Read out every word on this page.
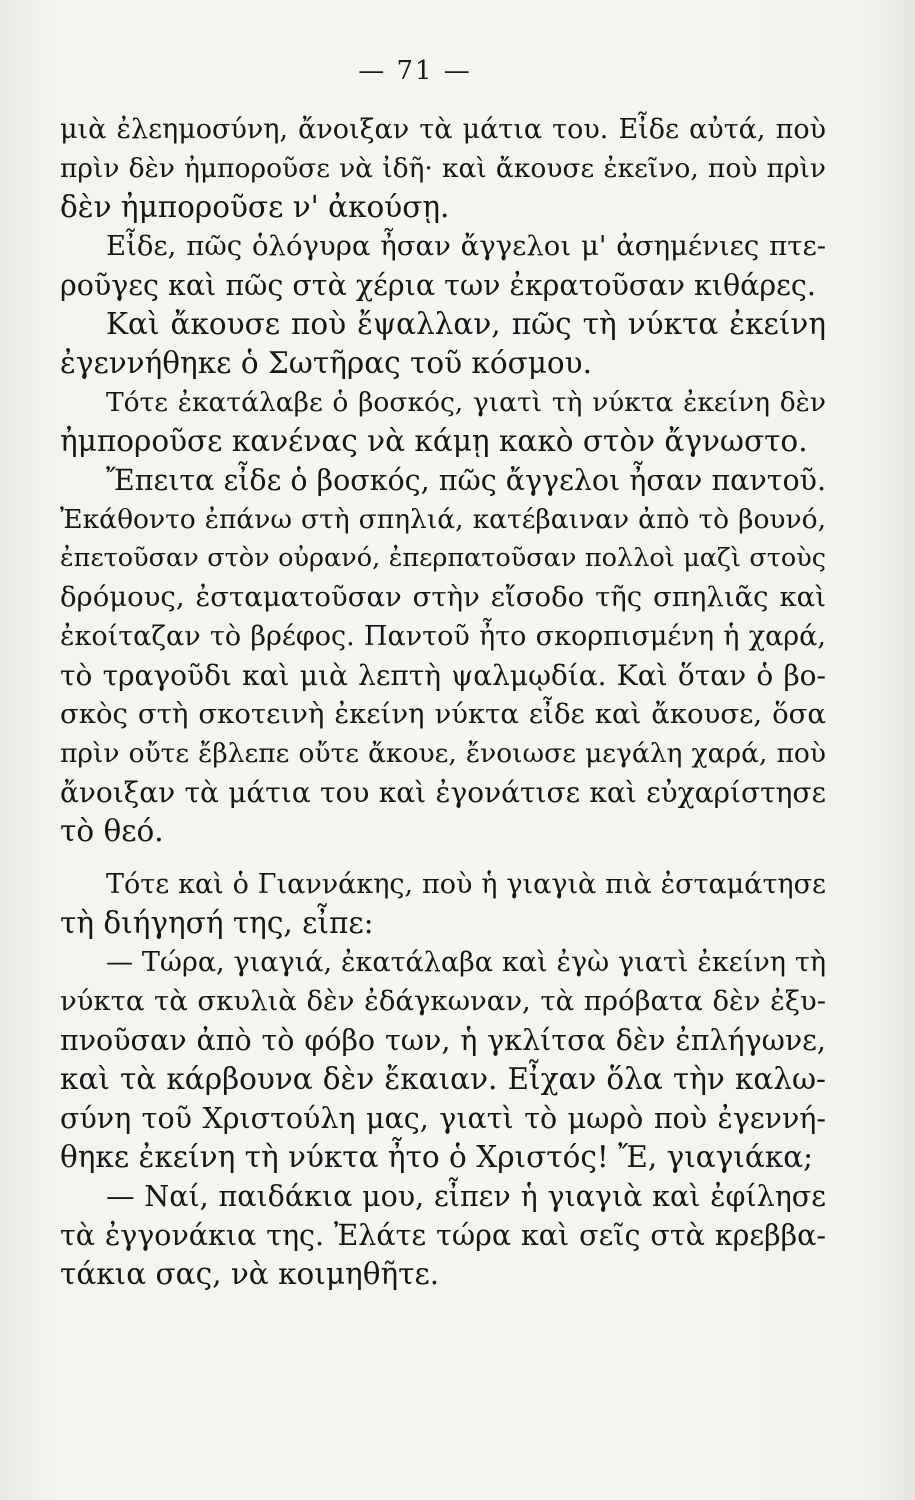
— 71 —
μιὰ ἐλεημοσύνη, ἄνοιξαν τὰ μάτια του. Εἶδε αὐτά, ποὺ
πρὶν δὲν ἠμποροῦσε νὰ ἰδῆ· καὶ ἄκουσε ἐκεῖνο, ποὺ πρὶν
δὲν ἠμποροῦσε ν' ἀκούσῃ.
Εἶδε, πῶς ὁλόγυρα ἦσαν ἄγγελοι μ' ἀσημένιες πτε-
ροῦγες καὶ πῶς στὰ χέρια των ἐκρατοῦσαν κιθάρες.
Καὶ ἄκουσε ποὺ ἔψαλλαν, πῶς τὴ νύκτα ἐκείνη
ἐγεννήθηκε ὁ Σωτῆρας τοῦ κόσμου.
Τότε ἐκατάλαβε ὁ βοσκός, γιατὶ τὴ νύκτα ἐκείνη δὲν
ἠμποροῦσε κανένας νὰ κάμῃ κακὸ στὸν ἄγνωστο.
Ἔπειτα εἶδε ὁ βοσκός, πῶς ἄγγελοι ἦσαν παντοῦ.
Ἐκάθοντο ἐπάνω στὴ σπηλιά, κατέβαιναν ἀπὸ τὸ βουνό,
ἐπετοῦσαν στὸν οὐρανό, ἐπερπατοῦσαν πολλοὶ μαζὶ στοὺς
δρόμους, ἐσταματοῦσαν στὴν εἴσοδο τῆς σπηλιᾶς καὶ
ἐκοίταζαν τὸ βρέφος. Παντοῦ ἦτο σκορπισμένη ἡ χαρά,
τὸ τραγοῦδι καὶ μιὰ λεπτὴ ψαλμῳδία. Καὶ ὅταν ὁ βο-
σκὸς στὴ σκοτεινὴ ἐκείνη νύκτα εἶδε καὶ ἄκουσε, ὅσα
πρὶν οὔτε ἔβλεπε οὔτε ἄκουε, ἔνοιωσε μεγάλη χαρά, ποὺ
ἄνοιξαν τὰ μάτια του καὶ ἐγονάτισε καὶ εὐχαρίστησε
τὸ θεό.
Τότε καὶ ὁ Γιαννάκης, ποὺ ἡ γιαγιὰ πιὰ ἐσταμάτησε
τὴ διήγησή της, εἶπε:
— Τώρα, γιαγιά, ἐκατάλαβα καὶ ἐγὼ γιατὶ ἐκείνη τὴ
νύκτα τὰ σκυλιὰ δὲν ἐδάγκωναν, τὰ πρόβατα δὲν ἐξυ-
πνοῦσαν ἀπὸ τὸ φόβο των, ἡ γκλίτσα δὲν ἐπλήγωνε,
καὶ τὰ κάρβουνα δὲν ἔκαιαν. Εἶχαν ὅλα τὴν καλω-
σύνη τοῦ Χριστούλη μας, γιατὶ τὸ μωρὸ ποὺ ἐγεννή-
θηκε ἐκείνη τὴ νύκτα ἦτο ὁ Χριστός! Ἔ, γιαγιάκα;
— Ναί, παιδάκια μου, εἶπεν ἡ γιαγιὰ καὶ ἐφίλησε
τὰ ἐγγονάκια της. Ἐλάτε τώρα καὶ σεῖς στὰ κρεββα-
τάκια σας, νὰ κοιμηθῆτε.
